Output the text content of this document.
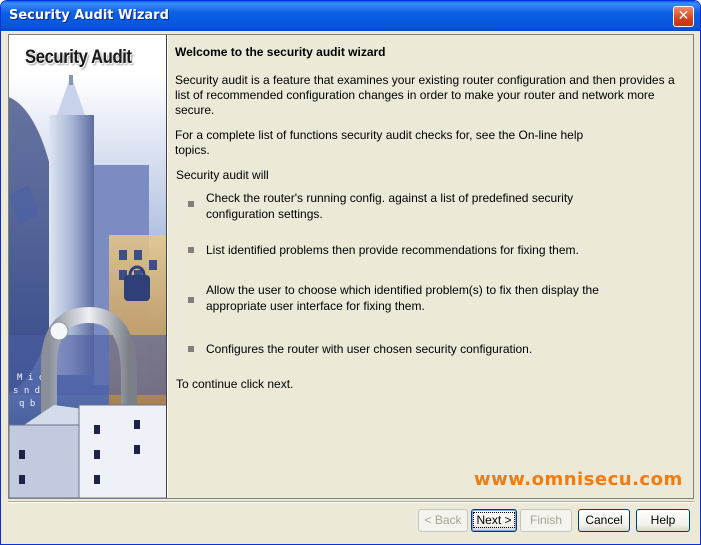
Security Audit Wizard	✕
Security Audit
M i c
s n d
q b
Welcome to the security audit wizard
Security audit is a feature that examines your existing router configuration and then provides a list of recommended configuration changes in order to make your router and network more secure.
For a complete list of functions security audit checks for, see the On-line help topics.
Security audit will
Check the router's running config. against a list of predefined security configuration settings.
List identified problems then provide recommendations for fixing them.
Allow the user to choose which identified problem(s) to fix then display the appropriate user interface for fixing them.
Configures the router with user chosen security configuration.
To continue click next.
www.omnisecu.com
< Back	Next >	Finish	Cancel	Help
